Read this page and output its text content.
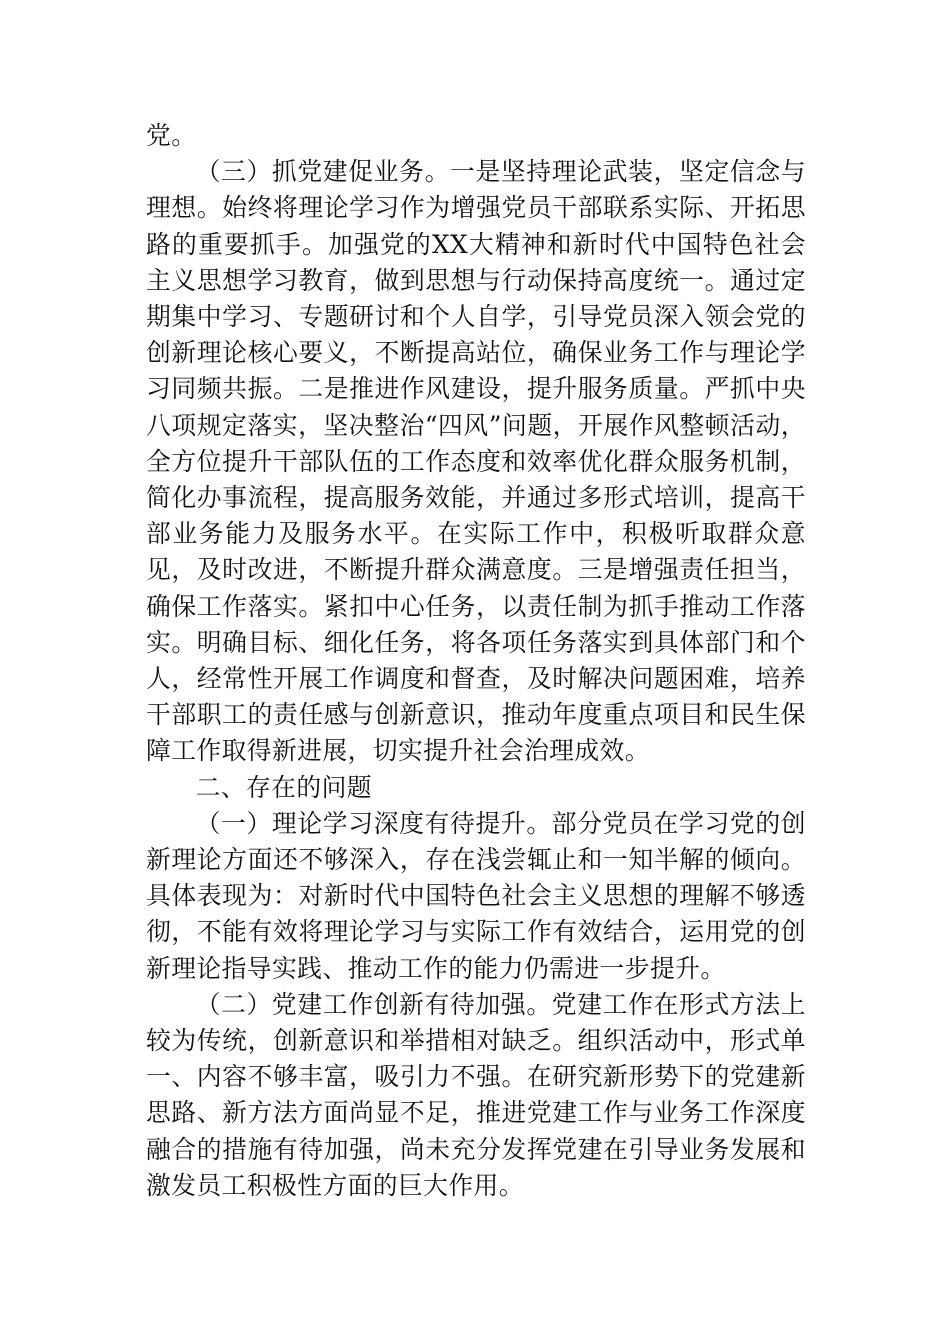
党。

（三）抓党建促业务。一是坚持理论武装，坚定信念与理想。始终将理论学习作为增强党员干部联系实际、开拓思路的重要抓手。加强党的XX大精神和新时代中国特色社会主义思想学习教育，做到思想与行动保持高度统一。通过定期集中学习、专题研讨和个人自学，引导党员深入领会党的创新理论核心要义，不断提高站位，确保业务工作与理论学习同频共振。二是推进作风建设，提升服务质量。严抓中央八项规定落实，坚决整治“四风”问题，开展作风整顿活动，全方位提升干部队伍的工作态度和效率优化群众服务机制，简化办事流程，提高服务效能，并通过多形式培训，提高干部业务能力及服务水平。在实际工作中，积极听取群众意见，及时改进，不断提升群众满意度。三是增强责任担当，确保工作落实。紧扣中心任务，以责任制为抓手推动工作落实。明确目标、细化任务，将各项任务落实到具体部门和个人，经常性开展工作调度和督查，及时解决问题困难，培养干部职工的责任感与创新意识，推动年度重点项目和民生保障工作取得新进展，切实提升社会治理成效。

二、存在的问题

（一）理论学习深度有待提升。部分党员在学习党的创新理论方面还不够深入，存在浅尝辄止和一知半解的倾向。具体表现为：对新时代中国特色社会主义思想的理解不够透彻，不能有效将理论学习与实际工作有效结合，运用党的创新理论指导实践、推动工作的能力仍需进一步提升。

（二）党建工作创新有待加强。党建工作在形式方法上较为传统，创新意识和举措相对缺乏。组织活动中，形式单一、内容不够丰富，吸引力不强。在研究新形势下的党建新思路、新方法方面尚显不足，推进党建工作与业务工作深度融合的措施有待加强，尚未充分发挥党建在引导业务发展和激发员工积极性方面的巨大作用。
